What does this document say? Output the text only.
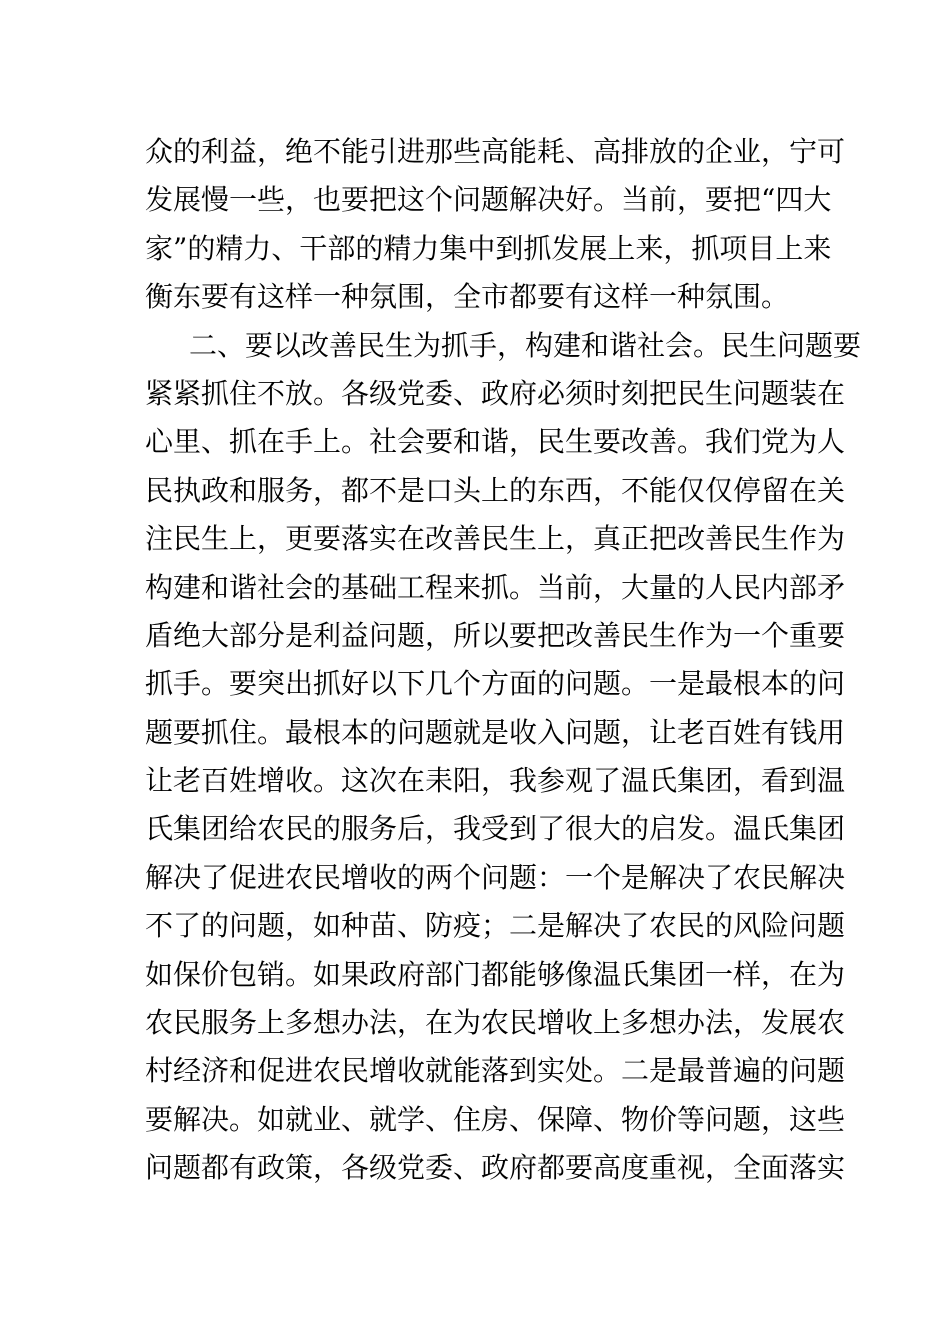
众的利益，绝不能引进那些高能耗、高排放的企业，宁可
发展慢一些，也要把这个问题解决好。当前，要把“四大
家”的精力、干部的精力集中到抓发展上来，抓项目上来
衡东要有这样一种氛围，全市都要有这样一种氛围。
二、要以改善民生为抓手，构建和谐社会。民生问题要
紧紧抓住不放。各级党委、政府必须时刻把民生问题装在
心里、抓在手上。社会要和谐，民生要改善。我们党为人
民执政和服务，都不是口头上的东西，不能仅仅停留在关
注民生上，更要落实在改善民生上，真正把改善民生作为
构建和谐社会的基础工程来抓。当前，大量的人民内部矛
盾绝大部分是利益问题，所以要把改善民生作为一个重要
抓手。要突出抓好以下几个方面的问题。一是最根本的问
题要抓住。最根本的问题就是收入问题，让老百姓有钱用
让老百姓增收。这次在耒阳，我参观了温氏集团，看到温
氏集团给农民的服务后，我受到了很大的启发。温氏集团
解决了促进农民增收的两个问题：一个是解决了农民解决
不了的问题，如种苗、防疫；二是解决了农民的风险问题
如保价包销。如果政府部门都能够像温氏集团一样，在为
农民服务上多想办法，在为农民增收上多想办法，发展农
村经济和促进农民增收就能落到实处。二是最普遍的问题
要解决。如就业、就学、住房、保障、物价等问题，这些
问题都有政策，各级党委、政府都要高度重视，全面落实
